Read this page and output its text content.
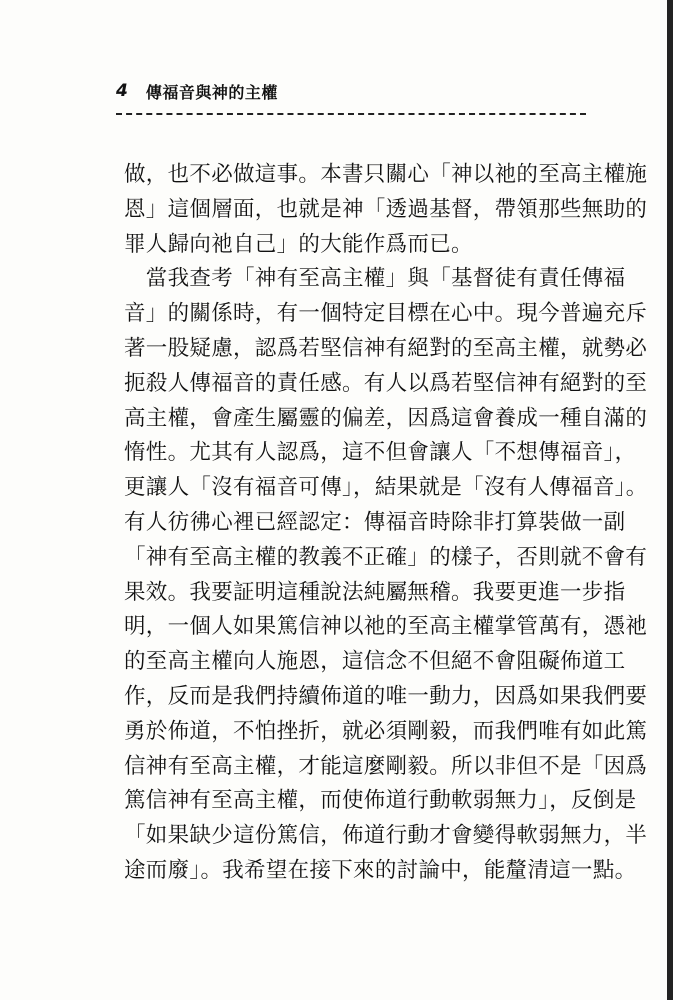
4 傳福音與神的主權
做，也不必做這事。本書只關心「神以祂的至高主權施
恩」這個層面，也就是神「透過基督，帶領那些無助的
罪人歸向祂自己」的大能作爲而已。
　當我查考「神有至高主權」與「基督徒有責任傳福
音」的關係時，有一個特定目標在心中。現今普遍充斥
著一股疑慮，認爲若堅信神有絕對的至高主權，就勢必
扼殺人傳福音的責任感。有人以爲若堅信神有絕對的至
高主權，會產生屬靈的偏差，因爲這會養成一種自滿的
惰性。尤其有人認爲，這不但會讓人「不想傳福音」，
更讓人「沒有福音可傳」，結果就是「沒有人傳福音」。
有人彷彿心裡已經認定：傳福音時除非打算裝做一副
「神有至高主權的教義不正確」的樣子，否則就不會有
果效。我要証明這種說法純屬無稽。我要更進一步指
明，一個人如果篤信神以祂的至高主權掌管萬有，憑祂
的至高主權向人施恩，這信念不但絕不會阻礙佈道工
作，反而是我們持續佈道的唯一動力，因爲如果我們要
勇於佈道，不怕挫折，就必須剛毅，而我們唯有如此篤
信神有至高主權，才能這麼剛毅。所以非但不是「因爲
篤信神有至高主權，而使佈道行動軟弱無力」，反倒是
「如果缺少這份篤信，佈道行動才會變得軟弱無力，半
途而廢」。我希望在接下來的討論中，能釐清這一點。
